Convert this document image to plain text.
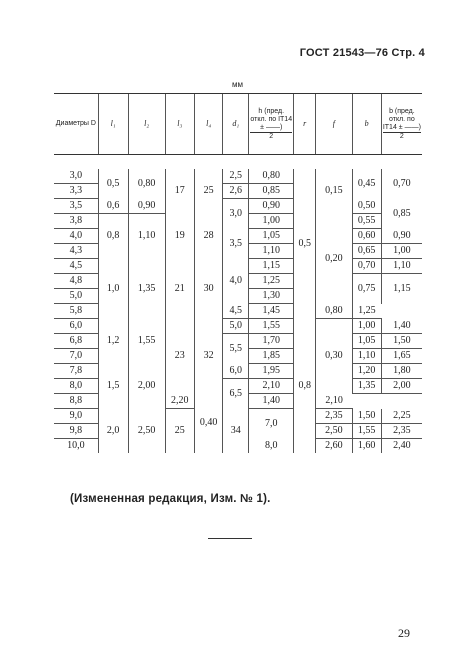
ГОСТ 21543—76 Стр. 4
мм
Диаметры D	l₁	l₂	l₃	l₄	d₁	$\frac{\text{h (пред. откл. по IT14 ± ——)}}{2}$	r	f	b	$\frac{\text{b (пред. откл. по IT14 ± ——)}}{2}$

3,0	0,5	0,80	17	25	2,5	0,80	0,5	0,15	0,45	0,70
3,3					2,6	0,85				
3,5	0,6	0,90			3,0	0,90			0,50	0,85
3,8	0,8	1,10	19	28		1,00		0,20	0,55	
4,0					3,5	1,05			0,60	0,90
4,3						1,10			0,65	1,00
4,5	1,0	1,35	21	30	4,0	1,15			0,70	1,10
4,8						1,25			0,75	1,15
5,0						1,30				
5,8					4,5	1,45		0,80	1,25	
6,0	1,2	1,55	23	32	5,0	1,55	0,8	0,30	1,00	1,40
6,8					5,5	1,70			1,05	1,50
7,0						1,85			1,10	1,65
7,8	1,5	2,00			6,0	1,95			1,20	1,80
8,0					6,5	2,10			1,35	2,00
8,8			2,20	0,40		1,40		2,10		
9,0	2,0	2,50	25		34	7,0		2,35	1,50	2,25
9,8								2,50	1,55	2,35
10,0						8,0		2,60	1,60	2,40
(Измененная редакция, Изм. № 1).
29
